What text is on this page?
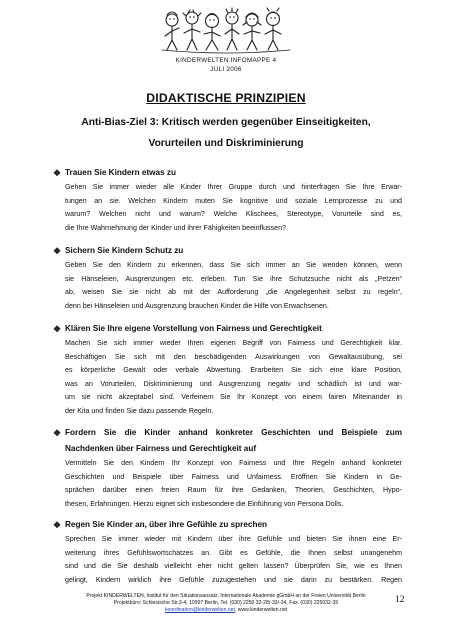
KINDERWELTEN INFOMAPPE 4
JULI 2006
DIDAKTISCHE PRINZIPIEN
Anti-Bias-Ziel 3: Kritisch werden gegenüber Einseitigkeiten,
Vorurteilen und Diskriminierung
❖ Trauen Sie Kindern etwas zu

Gehen Sie immer wieder alle Kinder Ihrer Gruppe durch und hinterfragen Sie Ihre Erwar-

tungen an sie. Welchen Kindern muten Sie kognitive und soziale Lernprozesse zu und

warum? Welchen nicht und warum? Welche Klischees, Stereotype, Vorurteile sind es,

die Ihre Wahrnehmung der Kinder und ihrer Fähigkeiten beeinflussen?

❖ Sichern Sie Kindern Schutz zu

Geben Sie den Kindern zu erkennen, dass Sie sich immer an Sie wenden können, wenn

sie Hänseleien, Ausgrenzungen etc. erleben. Tun Sie ihre Schutzsuche nicht als „Petzen“

ab, weisen Sie sie nicht ab mit der Aufforderung „die Angelegenheit selbst zu regeln“,

denn bei Hänseleien und Ausgrenzung brauchen Kinder die Hilfe von Erwachsenen.

❖ Klären Sie Ihre eigene Vorstellung von Fairness und Gerechtigkeit

Machen Sie sich immer wieder Ihren eigenen Begriff von Fairness und Gerechtigkeit klar.

Beschäftigen Sie sich mit den beschädigenden Auswirkungen von Gewaltausübung, sei

es körperliche Gewalt oder verbale Abwertung. Erarbeiten Sie sich eine klare Position,

was an Vorurteilen, Diskriminierung und Ausgrenzung negativ und schädlich ist und war-

um sie nicht akzeptabel sind. Verfeinern Sie Ihr Konzept von einem fairen Miteinander in

der Kita und finden Sie dazu passende Regeln.

❖ Fordern Sie die Kinder anhand konkreter Geschichten und Beispiele zum
Nachdenken über Fairness und Gerechtigkeit auf

Vermitteln Sie den Kindern Ihr Konzept von Fairness und Ihre Regeln anhand konkreter

Geschichten und Beispiele über Fairness und Unfairness. Eröffnen Sie Kindern in Ge-

sprächen darüber einen freien Raum für ihre Gedanken, Theorien, Geschichten, Hypo-

thesen, Erfahrungen. Hierzu eignet sich insbesondere die Einführung von Persona Dolls.

❖ Regen Sie Kinder an, über ihre Gefühle zu sprechen

Sprechen Sie immer wieder mit Kindern über ihre Gefühle und bieten Sie ihnen eine Er-

weiterung ihres Gefühlswortschatzes an. Gibt es Gefühle, die Ihnen selbst unangenehm

sind und die Sie deshalb vielleicht eher nicht gelten lassen? Überprüfen Sie, wie es Ihnen

gelingt, Kindern wirklich ihre Gefühle zuzugestehen und sie darin zu bestärken. Regen

Projekt KINDERWELTEN, Institut für den Situationsansatz, Internationale Akademie gGmbH an der Freien Universität Berlin
Projektbüro: Schlesische Str.3-4, 10997 Berlin, Tel. (030) 2250 32-28/-33/-34, Fax. (030) 225032-35
koordination@kinderwelten.net, www.kinderwelten.net
12
